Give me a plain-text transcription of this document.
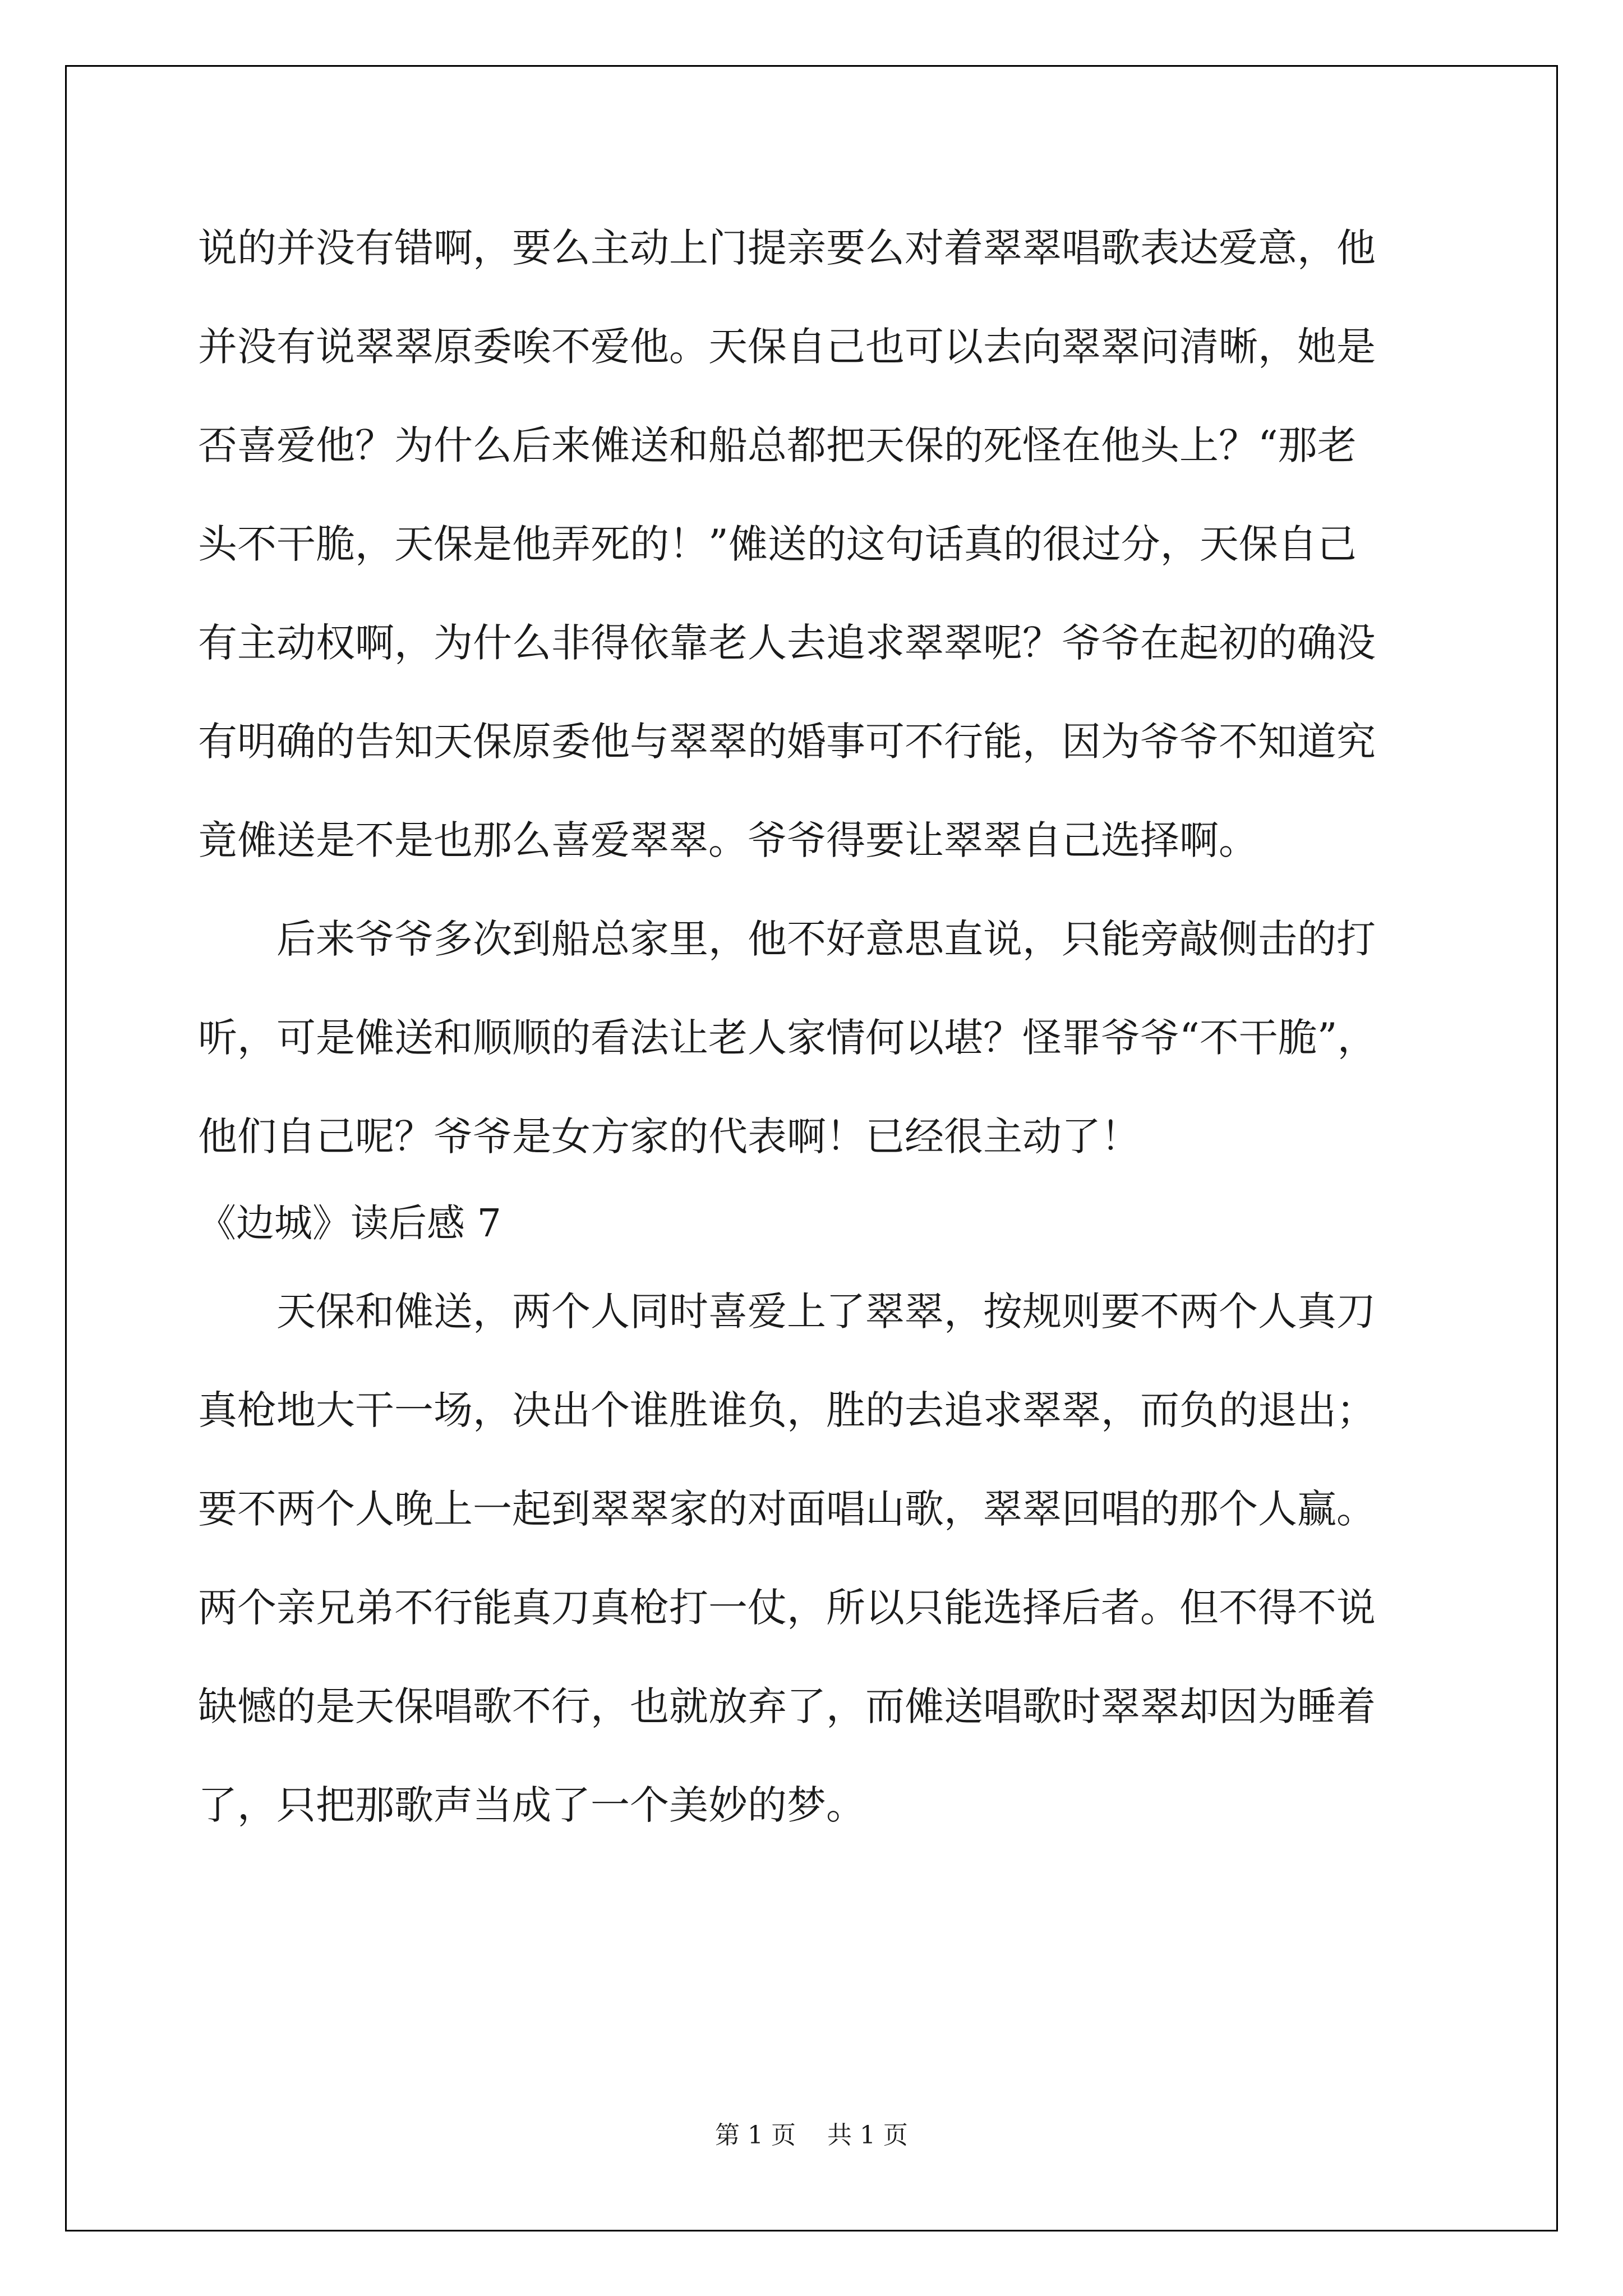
说的并没有错啊，要么主动上门提亲要么对着翠翠唱歌表达爱意，他
并没有说翠翠原委唉不爱他。天保自己也可以去向翠翠问清晰，她是
否喜爱他？为什么后来傩送和船总都把天保的死怪在他头上？“那老
头不干脆，天保是他弄死的！”傩送的这句话真的很过分，天保自己
有主动权啊，为什么非得依靠老人去追求翠翠呢？爷爷在起初的确没
有明确的告知天保原委他与翠翠的婚事可不行能，因为爷爷不知道究
竟傩送是不是也那么喜爱翠翠。爷爷得要让翠翠自己选择啊。
后来爷爷多次到船总家里，他不好意思直说，只能旁敲侧击的打
听，可是傩送和顺顺的看法让老人家情何以堪？怪罪爷爷“不干脆”，
他们自己呢？爷爷是女方家的代表啊！已经很主动了！
《边城》读后感 7
天保和傩送，两个人同时喜爱上了翠翠，按规则要不两个人真刀
真枪地大干一场，决出个谁胜谁负，胜的去追求翠翠，而负的退出；
要不两个人晚上一起到翠翠家的对面唱山歌，翠翠回唱的那个人赢。
两个亲兄弟不行能真刀真枪打一仗，所以只能选择后者。但不得不说
缺憾的是天保唱歌不行，也就放弃了，而傩送唱歌时翠翠却因为睡着
了，只把那歌声当成了一个美妙的梦。
第 1 页    共 1 页
